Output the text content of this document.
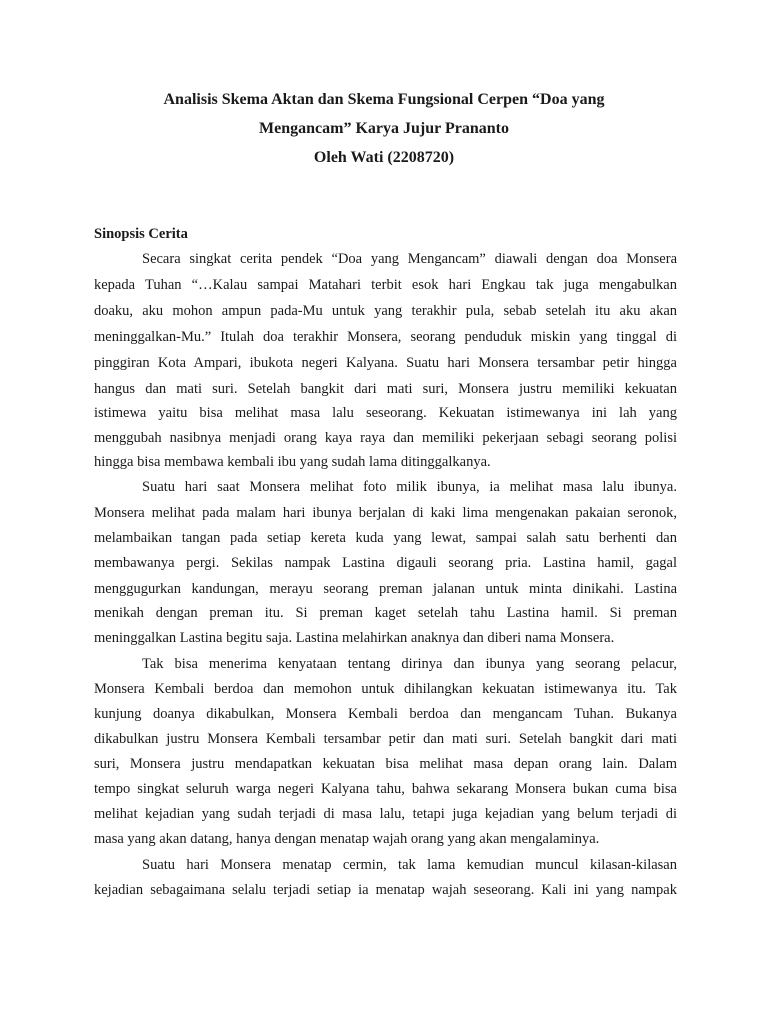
Analisis Skema Aktan dan Skema Fungsional Cerpen “Doa yang
Mengancam” Karya Jujur Prananto
Oleh Wati (2208720)
Sinopsis Cerita
Secara singkat cerita pendek “Doa yang Mengancam” diawali dengan doa Monsera
kepada Tuhan “…Kalau sampai Matahari terbit esok hari Engkau tak juga mengabulkan
doaku, aku mohon ampun pada-Mu untuk yang terakhir pula, sebab setelah itu aku akan
meninggalkan-Mu.” Itulah doa terakhir Monsera, seorang penduduk miskin yang tinggal di
pinggiran Kota Ampari, ibukota negeri Kalyana. Suatu hari Monsera tersambar petir hingga
hangus dan mati suri. Setelah bangkit dari mati suri, Monsera justru memiliki kekuatan
istimewa yaitu bisa melihat masa lalu seseorang. Kekuatan istimewanya ini lah yang
menggubah nasibnya menjadi orang kaya raya dan memiliki pekerjaan sebagi seorang polisi
hingga bisa membawa kembali ibu yang sudah lama ditinggalkanya.
Suatu hari saat Monsera melihat foto milik ibunya, ia melihat masa lalu ibunya.
Monsera melihat pada malam hari ibunya berjalan di kaki lima mengenakan pakaian seronok,
melambaikan tangan pada setiap kereta kuda yang lewat, sampai salah satu berhenti dan
membawanya pergi. Sekilas nampak Lastina digauli seorang pria. Lastina hamil, gagal
menggugurkan kandungan, merayu seorang preman jalanan untuk minta dinikahi. Lastina
menikah dengan preman itu. Si preman kaget setelah tahu Lastina hamil. Si preman
meninggalkan Lastina begitu saja. Lastina melahirkan anaknya dan diberi nama Monsera.
Tak bisa menerima kenyataan tentang dirinya dan ibunya yang seorang pelacur,
Monsera Kembali berdoa dan memohon untuk dihilangkan kekuatan istimewanya itu. Tak
kunjung doanya dikabulkan, Monsera Kembali berdoa dan mengancam Tuhan. Bukanya
dikabulkan justru Monsera Kembali tersambar petir dan mati suri. Setelah bangkit dari mati
suri, Monsera justru mendapatkan kekuatan bisa melihat masa depan orang lain. Dalam
tempo singkat seluruh warga negeri Kalyana tahu, bahwa sekarang Monsera bukan cuma bisa
melihat kejadian yang sudah terjadi di masa lalu, tetapi juga kejadian yang belum terjadi di
masa yang akan datang, hanya dengan menatap wajah orang yang akan mengalaminya.
Suatu hari Monsera menatap cermin, tak lama kemudian muncul kilasan-kilasan
kejadian sebagaimana selalu terjadi setiap ia menatap wajah seseorang. Kali ini yang nampak
